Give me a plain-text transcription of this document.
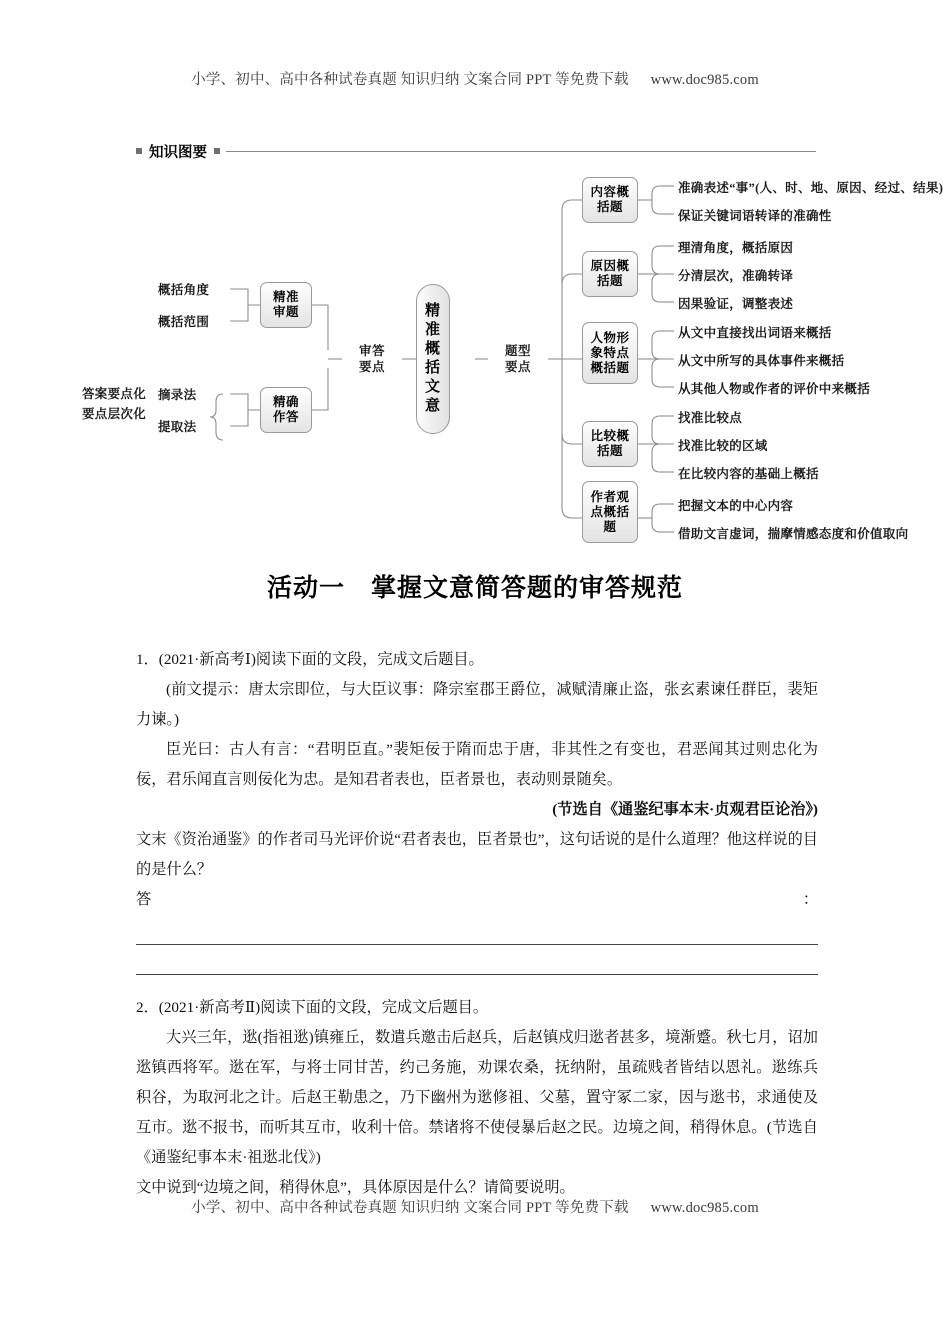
小学、初中、高中各种试卷真题 知识归纳 文案合同 PPT 等免费下载 www.doc985.com
知识图要
概括角度
概括范围
答案要点化
要点层次化
摘录法
提取法
精准审题
精确作答
审答要点
题型要点
精准概括文意
内容概括题
原因概括题
人物形象特点概括题
比较概括题
作者观点概括题
准确表述“事”(人、时、地、原因、经过、结果)
保证关键词语转译的准确性
理清角度，概括原因
分清层次，准确转译
因果验证，调整表述
从文中直接找出词语来概括
从文中所写的具体事件来概括
从其他人物或作者的评价中来概括
找准比较点
找准比较的区域
在比较内容的基础上概括
把握文本的中心内容
借助文言虚词，揣摩情感态度和价值取向
活动一 掌握文意简答题的审答规范

1．(2021·新高考Ⅰ)阅读下面的文段，完成文后题目。

(前文提示：唐太宗即位，与大臣议事：降宗室郡王爵位，减赋清廉止盗，张玄素谏任群臣，裴矩力谏。)

臣光曰：古人有言：“君明臣直。”裴矩佞于隋而忠于唐，非其性之有变也，君恶闻其过则忠化为佞，君乐闻直言则佞化为忠。是知君者表也，臣者景也，表动则景随矣。

(节选自《通鉴纪事本末·贞观君臣论治》)

文末《资治通鉴》的作者司马光评价说“君者表也，臣者景也”，这句话说的是什么道理？他这样说的目的是什么？

答	：

2．(2021·新高考Ⅱ)阅读下面的文段，完成文后题目。

大兴三年，逖(指祖逖)镇雍丘，数遣兵邀击后赵兵，后赵镇戍归逖者甚多，境渐蹙。秋七月，诏加逖镇西将军。逖在军，与将士同甘苦，约己务施，劝课农桑，抚纳附，虽疏贱者皆结以恩礼。逖练兵积谷，为取河北之计。后赵王勒患之，乃下幽州为逖修祖、父墓，置守冢二家，因与逖书，求通使及互市。逖不报书，而听其互市，收利十倍。禁诸将不使侵暴后赵之民。边境之间，稍得休息。(节选自《通鉴纪事本末·祖逖北伐》)

文中说到“边境之间，稍得休息”，具体原因是什么？请简要说明。

小学、初中、高中各种试卷真题 知识归纳 文案合同 PPT 等免费下载 www.doc985.com
